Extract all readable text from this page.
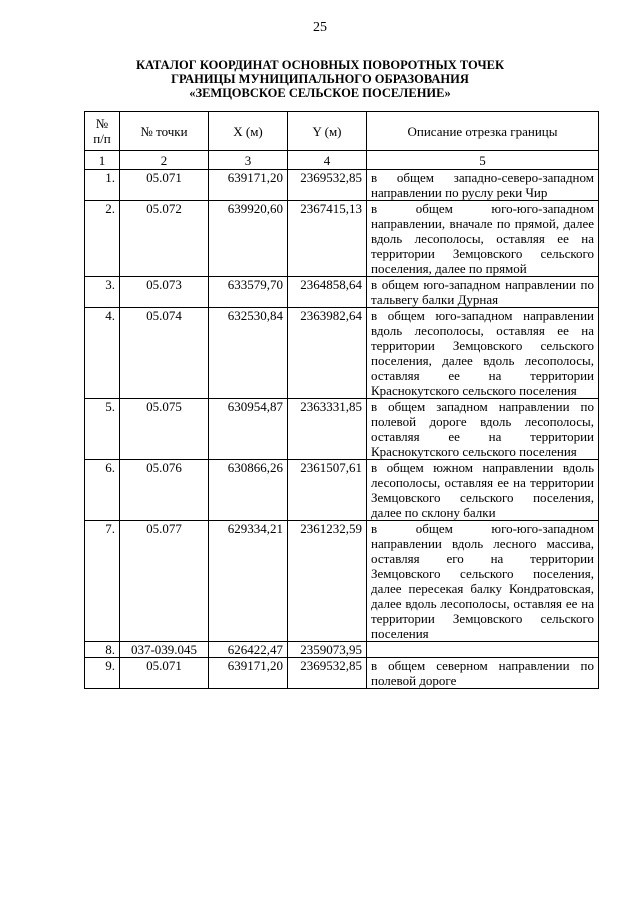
25
КАТАЛОГ КООРДИНАТ ОСНОВНЫХ ПОВОРОТНЫХ ТОЧЕК
ГРАНИЦЫ МУНИЦИПАЛЬНОГО ОБРАЗОВАНИЯ
«ЗЕМЦОВСКОЕ СЕЛЬСКОЕ ПОСЕЛЕНИЕ»
№ п/п	№ точки	X (м)	Y (м)	Описание отрезка границы
1	2	3	4	5
1.	05.071	639171,20	2369532,85	в общем западно-северо-западном направлении по руслу реки Чир
2.	05.072	639920,60	2367415,13	в общем юго-юго-западном направлении, вначале по прямой, далее вдоль лесополосы, оставляя ее на территории Земцовского сельского поселения, далее по прямой
3.	05.073	633579,70	2364858,64	в общем юго-западном направлении по тальвегу балки Дурная
4.	05.074	632530,84	2363982,64	в общем юго-западном направлении вдоль лесополосы, оставляя ее на территории Земцовского сельского поселения, далее вдоль лесополосы, оставляя ее на территории Краснокутского сельского поселения
5.	05.075	630954,87	2363331,85	в общем западном направлении по полевой дороге вдоль лесополосы, оставляя ее на территории Краснокутского сельского поселения
6.	05.076	630866,26	2361507,61	в общем южном направлении вдоль лесополосы, оставляя ее на территории Земцовского сельского поселения, далее по склону балки
7.	05.077	629334,21	2361232,59	в общем юго-юго-западном направлении вдоль лесного массива, оставляя его на территории Земцовского сельского поселения, далее пересекая балку Кондратовская, далее вдоль лесополосы, оставляя ее на территории Земцовского сельского поселения
8.	037-039.045	626422,47	2359073,95	
9.	05.071	639171,20	2369532,85	в общем северном направлении по полевой дороге
